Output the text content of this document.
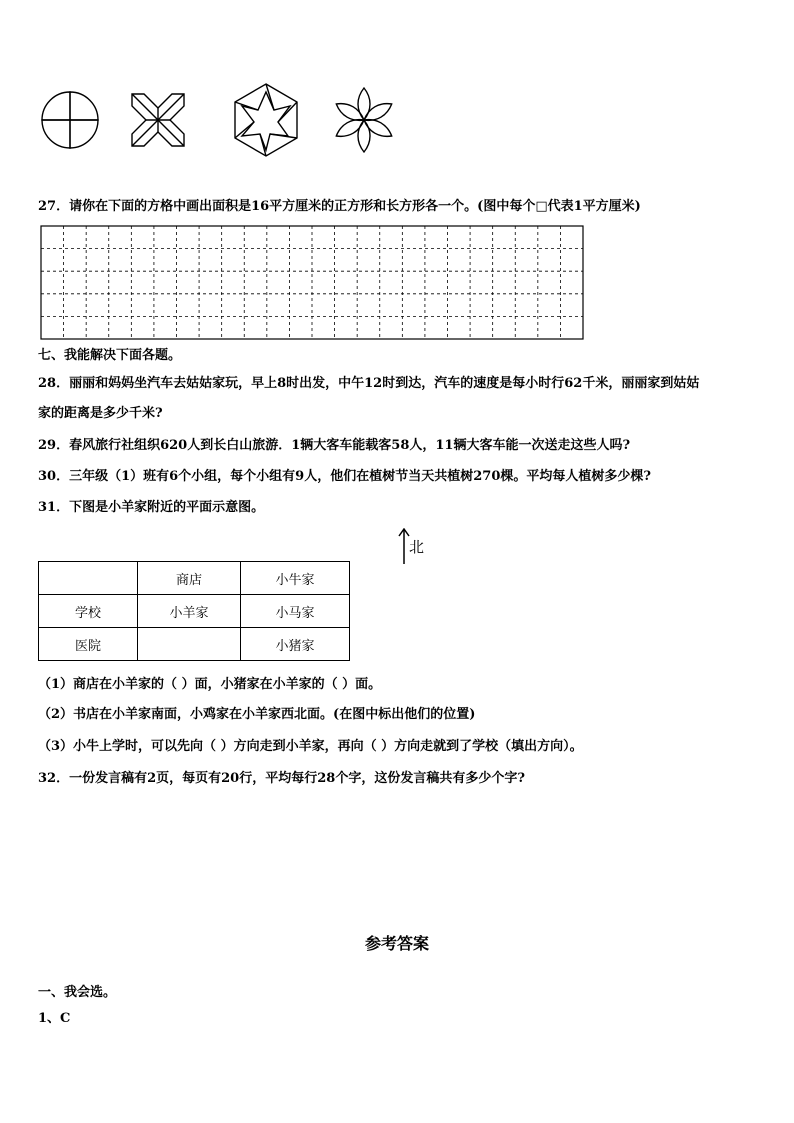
27．请你在下面的方格中画出面积是16平方厘米的正方形和长方形各一个。(图中每个□代表1平方厘米)
七、我能解决下面各题。
28．丽丽和妈妈坐汽车去姑姑家玩，早上8时出发，中午12时到达，汽车的速度是每小时行62千米，丽丽家到姑姑
家的距离是多少千米?
29．春风旅行社组织620人到长白山旅游．1辆大客车能载客58人，11辆大客车能一次送走这些人吗?
30．三年级（1）班有6个小组，每个小组有9人，他们在植树节当天共植树270棵。平均每人植树多少棵?
31．下图是小羊家附近的平面示意图。
北
	商店	小牛家
学校	小羊家	小马家
医院		小猪家
（1）商店在小羊家的（ ）面，小猪家在小羊家的（ ）面。
（2）书店在小羊家南面，小鸡家在小羊家西北面。(在图中标出他们的位置)
（3）小牛上学时，可以先向（ ）方向走到小羊家，再向（ ）方向走就到了学校（填出方向）。
32．一份发言稿有2页，每页有20行，平均每行28个字，这份发言稿共有多少个字?
参考答案
一、我会选。
1、C
